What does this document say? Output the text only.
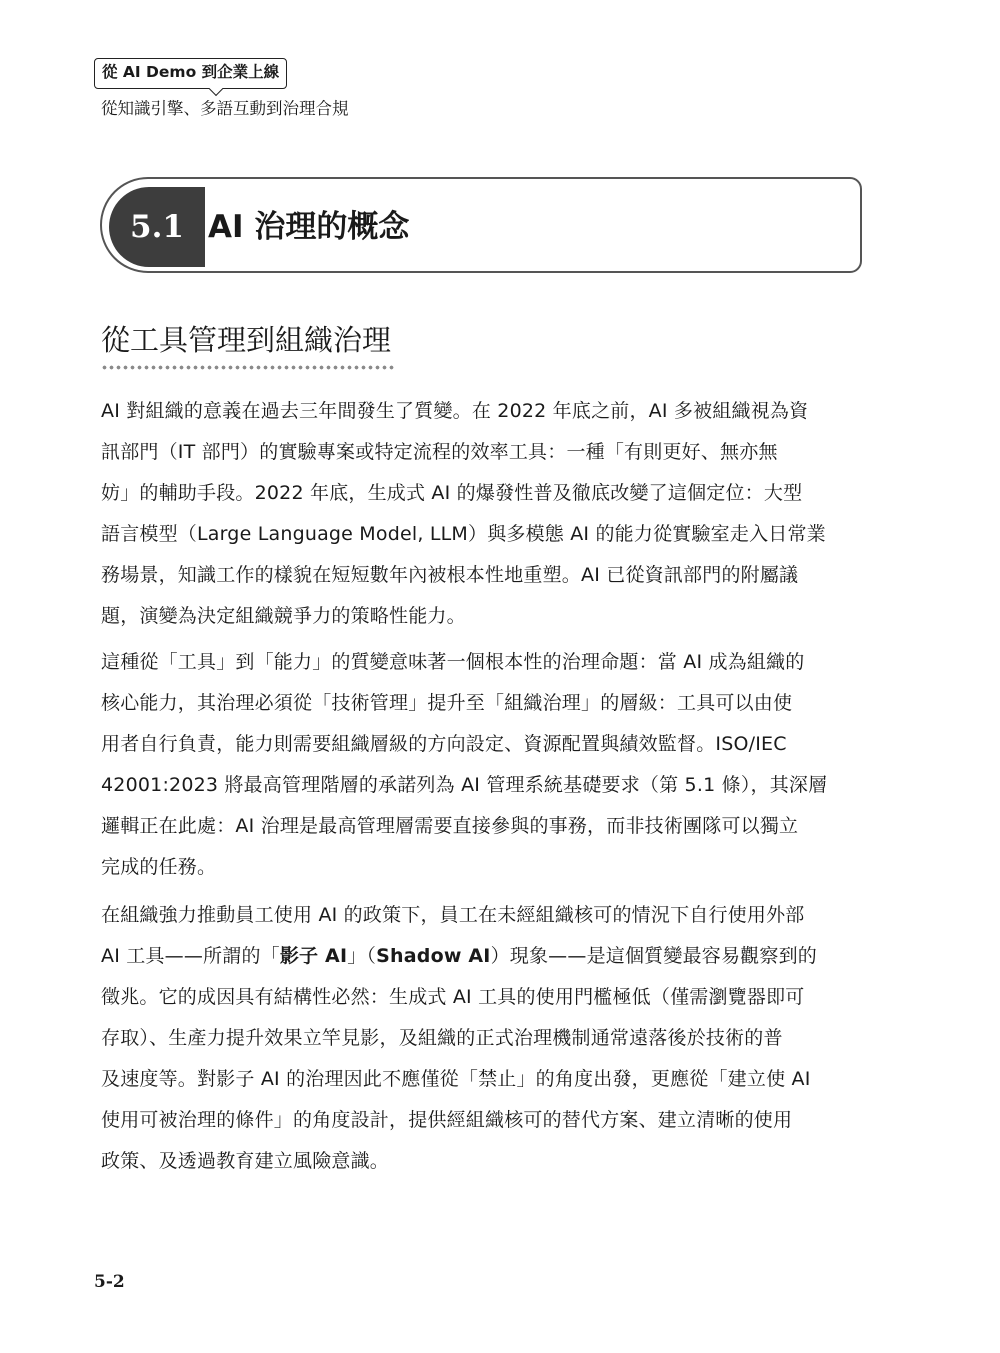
從 AI Demo 到企業上線
從知識引擎、多語互動到治理合規
5.1 AI 治理的概念
從工具管理到組織治理
AI 對組織的意義在過去三年間發生了質變。在 2022 年底之前，AI 多被組織視為資
訊部門（IT 部門）的實驗專案或特定流程的效率工具：一種「有則更好、無亦無
妨」的輔助手段。2022 年底，生成式 AI 的爆發性普及徹底改變了這個定位：大型
語言模型（Large Language Model, LLM）與多模態 AI 的能力從實驗室走入日常業
務場景，知識工作的樣貌在短短數年內被根本性地重塑。AI 已從資訊部門的附屬議
題，演變為決定組織競爭力的策略性能力。
這種從「工具」到「能力」的質變意味著一個根本性的治理命題：當 AI 成為組織的
核心能力，其治理必須從「技術管理」提升至「組織治理」的層級：工具可以由使
用者自行負責，能力則需要組織層級的方向設定、資源配置與績效監督。ISO/IEC
42001:2023 將最高管理階層的承諾列為 AI 管理系統基礎要求（第 5.1 條），其深層
邏輯正在此處：AI 治理是最高管理層需要直接參與的事務，而非技術團隊可以獨立
完成的任務。
在組織強力推動員工使用 AI 的政策下，員工在未經組織核可的情況下自行使用外部
AI 工具——所謂的「影子 AI」（Shadow AI）現象——是這個質變最容易觀察到的
徵兆。它的成因具有結構性必然：生成式 AI 工具的使用門檻極低（僅需瀏覽器即可
存取）、生產力提升效果立竿見影，及組織的正式治理機制通常遠落後於技術的普
及速度等。對影子 AI 的治理因此不應僅從「禁止」的角度出發，更應從「建立使 AI
使用可被治理的條件」的角度設計，提供經組織核可的替代方案、建立清晰的使用
政策、及透過教育建立風險意識。
5-2
